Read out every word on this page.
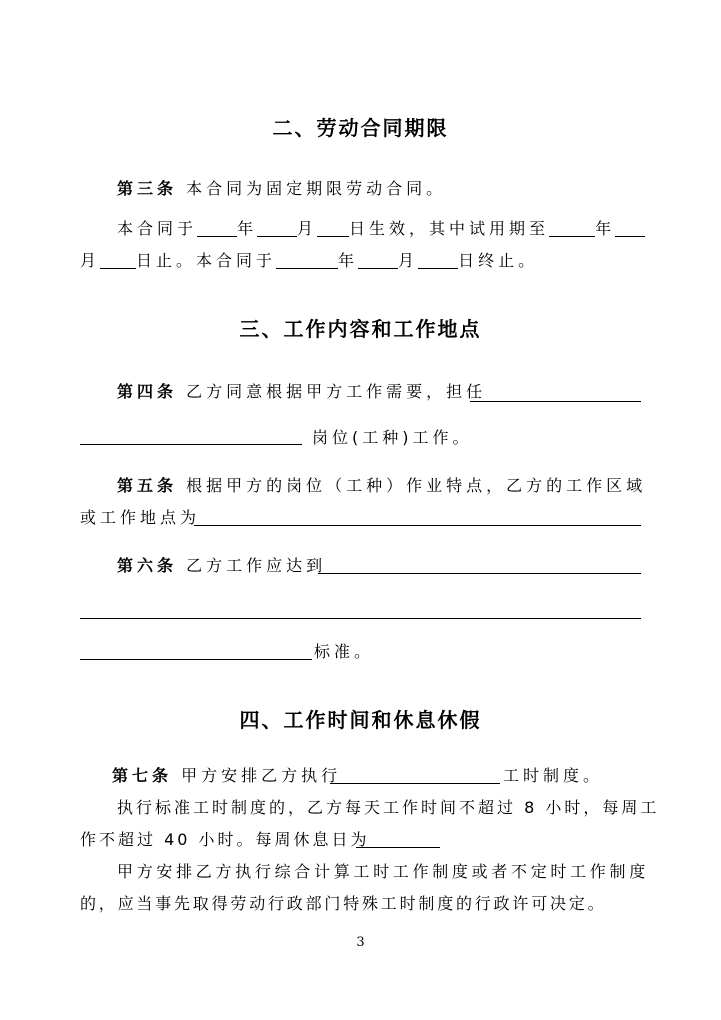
二、劳动合同期限
第三条 本合同为固定期限劳动合同。
本合同于	年	月 日生效，其中试用期至	年
月 日止。本合同于	年	月	日终止。
三、工作内容和工作地点
第四条 乙方同意根据甲方工作需要，担任
岗位(工种)工作。
第五条 根据甲方的岗位（工种）作业特点，乙方的工作区域
或工作地点为
第六条 乙方工作应达到
标准。
四、工作时间和休息休假
第七条 甲方安排乙方执行	工时制度。
执行标准工时制度的，乙方每天工作时间不超过 8 小时，每周工
作不超过 40 小时。每周休息日为
甲方安排乙方执行综合计算工时工作制度或者不定时工作制度
的，应当事先取得劳动行政部门特殊工时制度的行政许可决定。
3
